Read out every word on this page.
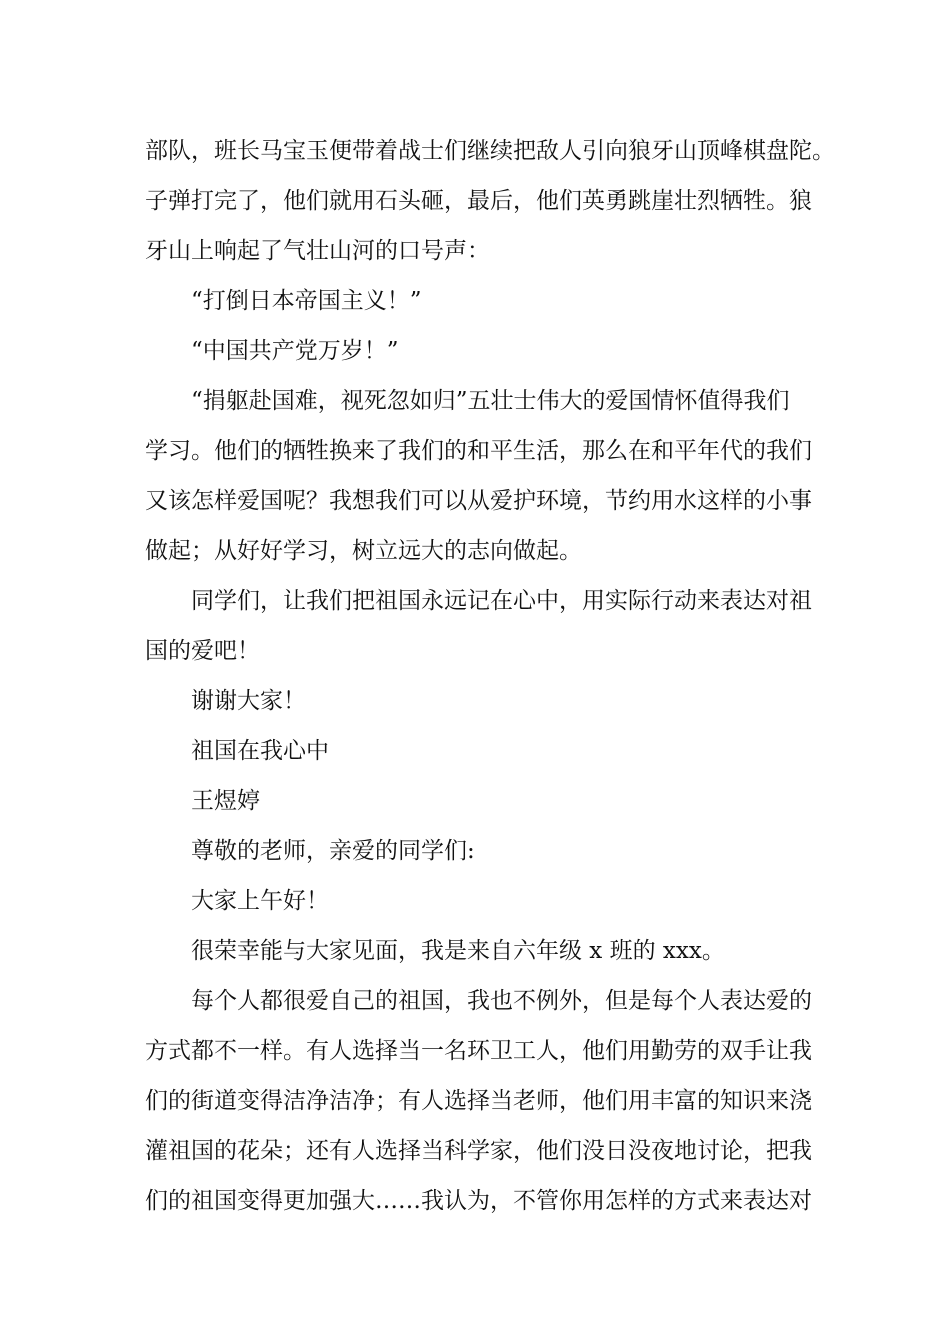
部队，班长马宝玉便带着战士们继续把敌人引向狼牙山顶峰棋盘陀。
子弹打完了，他们就用石头砸，最后，他们英勇跳崖壮烈牺牲。狼
牙山上响起了气壮山河的口号声：
“打倒日本帝国主义！”
“中国共产党万岁！”
“捐躯赴国难，视死忽如归”五壮士伟大的爱国情怀值得我们
学习。他们的牺牲换来了我们的和平生活，那么在和平年代的我们
又该怎样爱国呢？我想我们可以从爱护环境，节约用水这样的小事
做起；从好好学习，树立远大的志向做起。
同学们，让我们把祖国永远记在心中，用实际行动来表达对祖
国的爱吧！
谢谢大家！
祖国在我心中
王煜婷
尊敬的老师，亲爱的同学们:
大家上午好！
很荣幸能与大家见面，我是来自六年级 x 班的 xxx。
每个人都很爱自己的祖国，我也不例外，但是每个人表达爱的
方式都不一样。有人选择当一名环卫工人，他们用勤劳的双手让我
们的街道变得洁净洁净；有人选择当老师，他们用丰富的知识来浇
灌祖国的花朵；还有人选择当科学家，他们没日没夜地讨论，把我
们的祖国变得更加强大……我认为，不管你用怎样的方式来表达对
